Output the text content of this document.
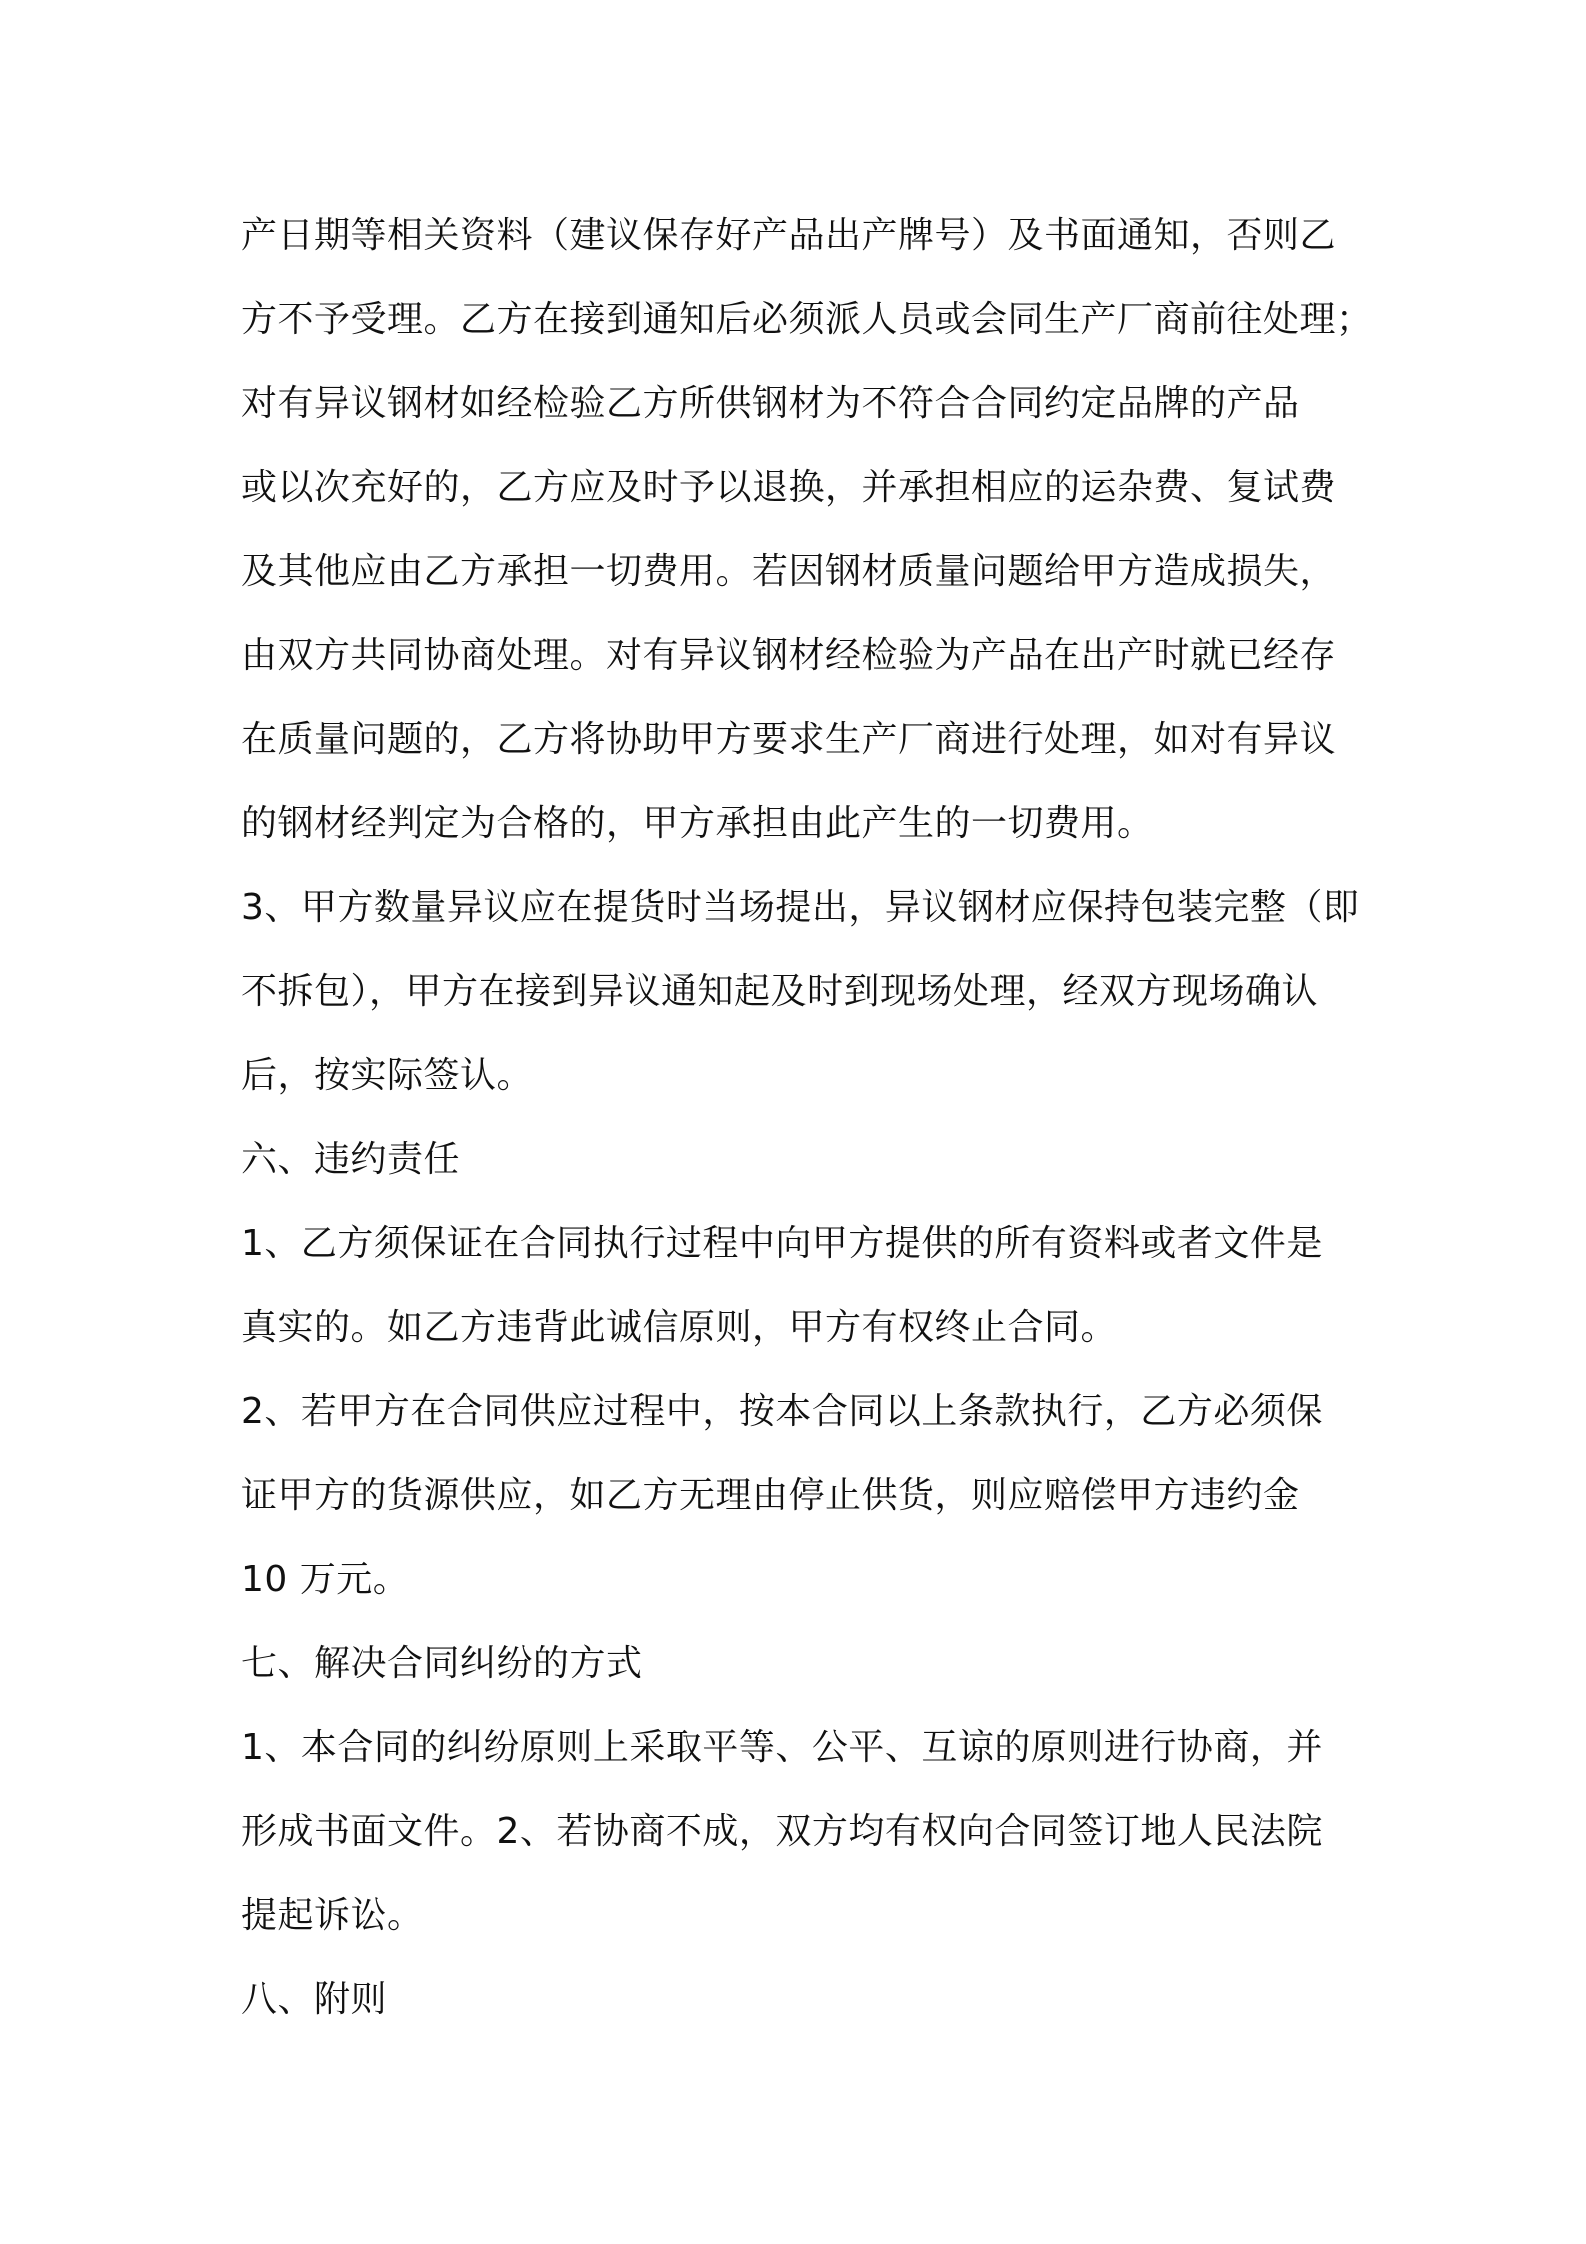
产日期等相关资料（建议保存好产品出产牌号）及书面通知，否则乙
方不予受理。乙方在接到通知后必须派人员或会同生产厂商前往处理；
对有异议钢材如经检验乙方所供钢材为不符合合同约定品牌的产品
或以次充好的，乙方应及时予以退换，并承担相应的运杂费、复试费
及其他应由乙方承担一切费用。若因钢材质量问题给甲方造成损失，
由双方共同协商处理。对有异议钢材经检验为产品在出产时就已经存
在质量问题的，乙方将协助甲方要求生产厂商进行处理，如对有异议
的钢材经判定为合格的，甲方承担由此产生的一切费用。
3、甲方数量异议应在提货时当场提出，异议钢材应保持包装完整（即
不拆包），甲方在接到异议通知起及时到现场处理，经双方现场确认
后，按实际签认。
六、违约责任
1、乙方须保证在合同执行过程中向甲方提供的所有资料或者文件是
真实的。如乙方违背此诚信原则，甲方有权终止合同。
2、若甲方在合同供应过程中，按本合同以上条款执行，乙方必须保
证甲方的货源供应，如乙方无理由停止供货，则应赔偿甲方违约金
10 万元。
七、解决合同纠纷的方式
1、本合同的纠纷原则上采取平等、公平、互谅的原则进行协商，并
形成书面文件。2、若协商不成，双方均有权向合同签订地人民法院
提起诉讼。
八、附则
